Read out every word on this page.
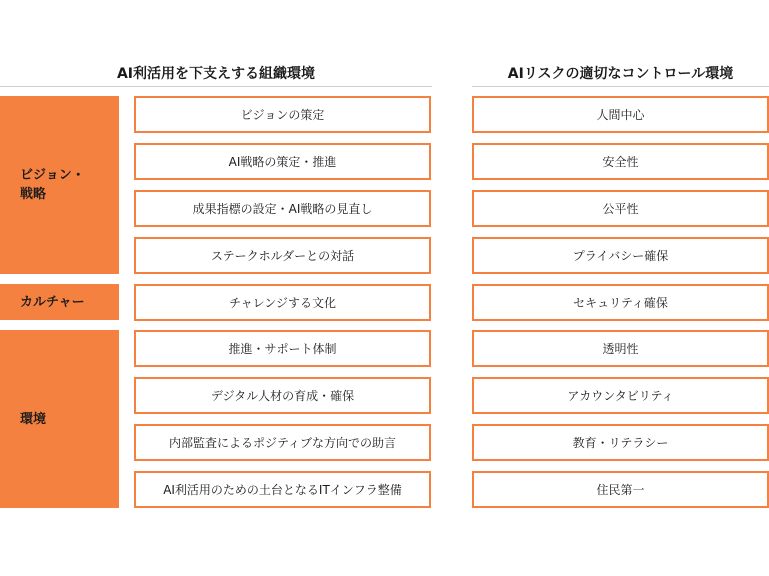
AI利活用を下支えする組織環境	AIリスクの適切なコントロール環境
ビジョン・
戦略
カルチャー
環境
ビジョンの策定
AI戦略の策定・推進
成果指標の設定・AI戦略の見直し
ステークホルダーとの対話
チャレンジする文化
推進・サポート体制
デジタル人材の育成・確保
内部監査によるポジティブな方向での助言
AI利活用のための土台となるITインフラ整備
人間中心
安全性
公平性
プライバシー確保
セキュリティ確保
透明性
アカウンタビリティ
教育・リテラシー
住民第一
